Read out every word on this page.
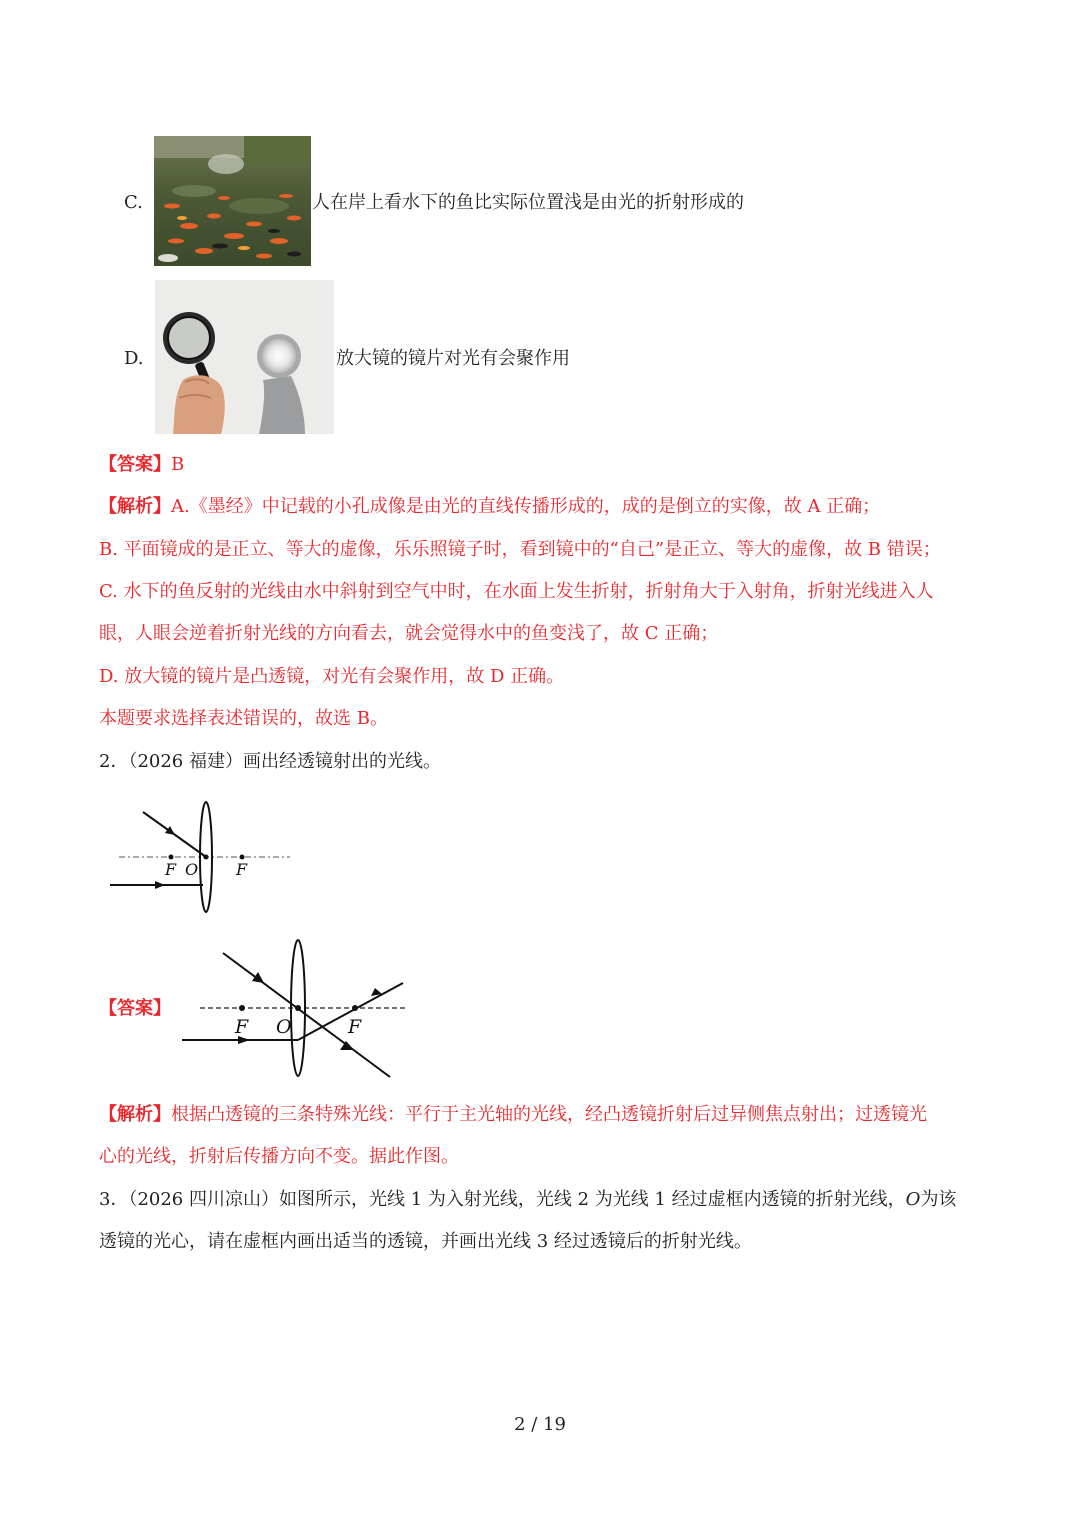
C.	人在岸上看水下的鱼比实际位置浅是由光的折射形成的
D.	放大镜的镜片对光有会聚作用
【答案】B
【解析】A.《墨经》中记载的小孔成像是由光的直线传播形成的，成的是倒立的实像，故 A 正确；
B. 平面镜成的是正立、等大的虚像，乐乐照镜子时，看到镜中的“自己”是正立、等大的虚像，故 B 错误；
C. 水下的鱼反射的光线由水中斜射到空气中时，在水面上发生折射，折射角大于入射角，折射光线进入人
眼，人眼会逆着折射光线的方向看去，就会觉得水中的鱼变浅了，故 C 正确；
D. 放大镜的镜片是凸透镜，对光有会聚作用，故 D 正确。
本题要求选择表述错误的，故选 B。
2．（2026 福建）画出经透镜射出的光线。
F O F
【答案】
F O	F
【解析】根据凸透镜的三条特殊光线：平行于主光轴的光线，经凸透镜折射后过异侧焦点射出；过透镜光
心的光线，折射后传播方向不变。据此作图。
3．（2026 四川凉山）如图所示，光线 1 为入射光线，光线 2 为光线 1 经过虚框内透镜的折射光线，O为该
透镜的光心，请在虚框内画出适当的透镜，并画出光线 3 经过透镜后的折射光线。
2 / 19
